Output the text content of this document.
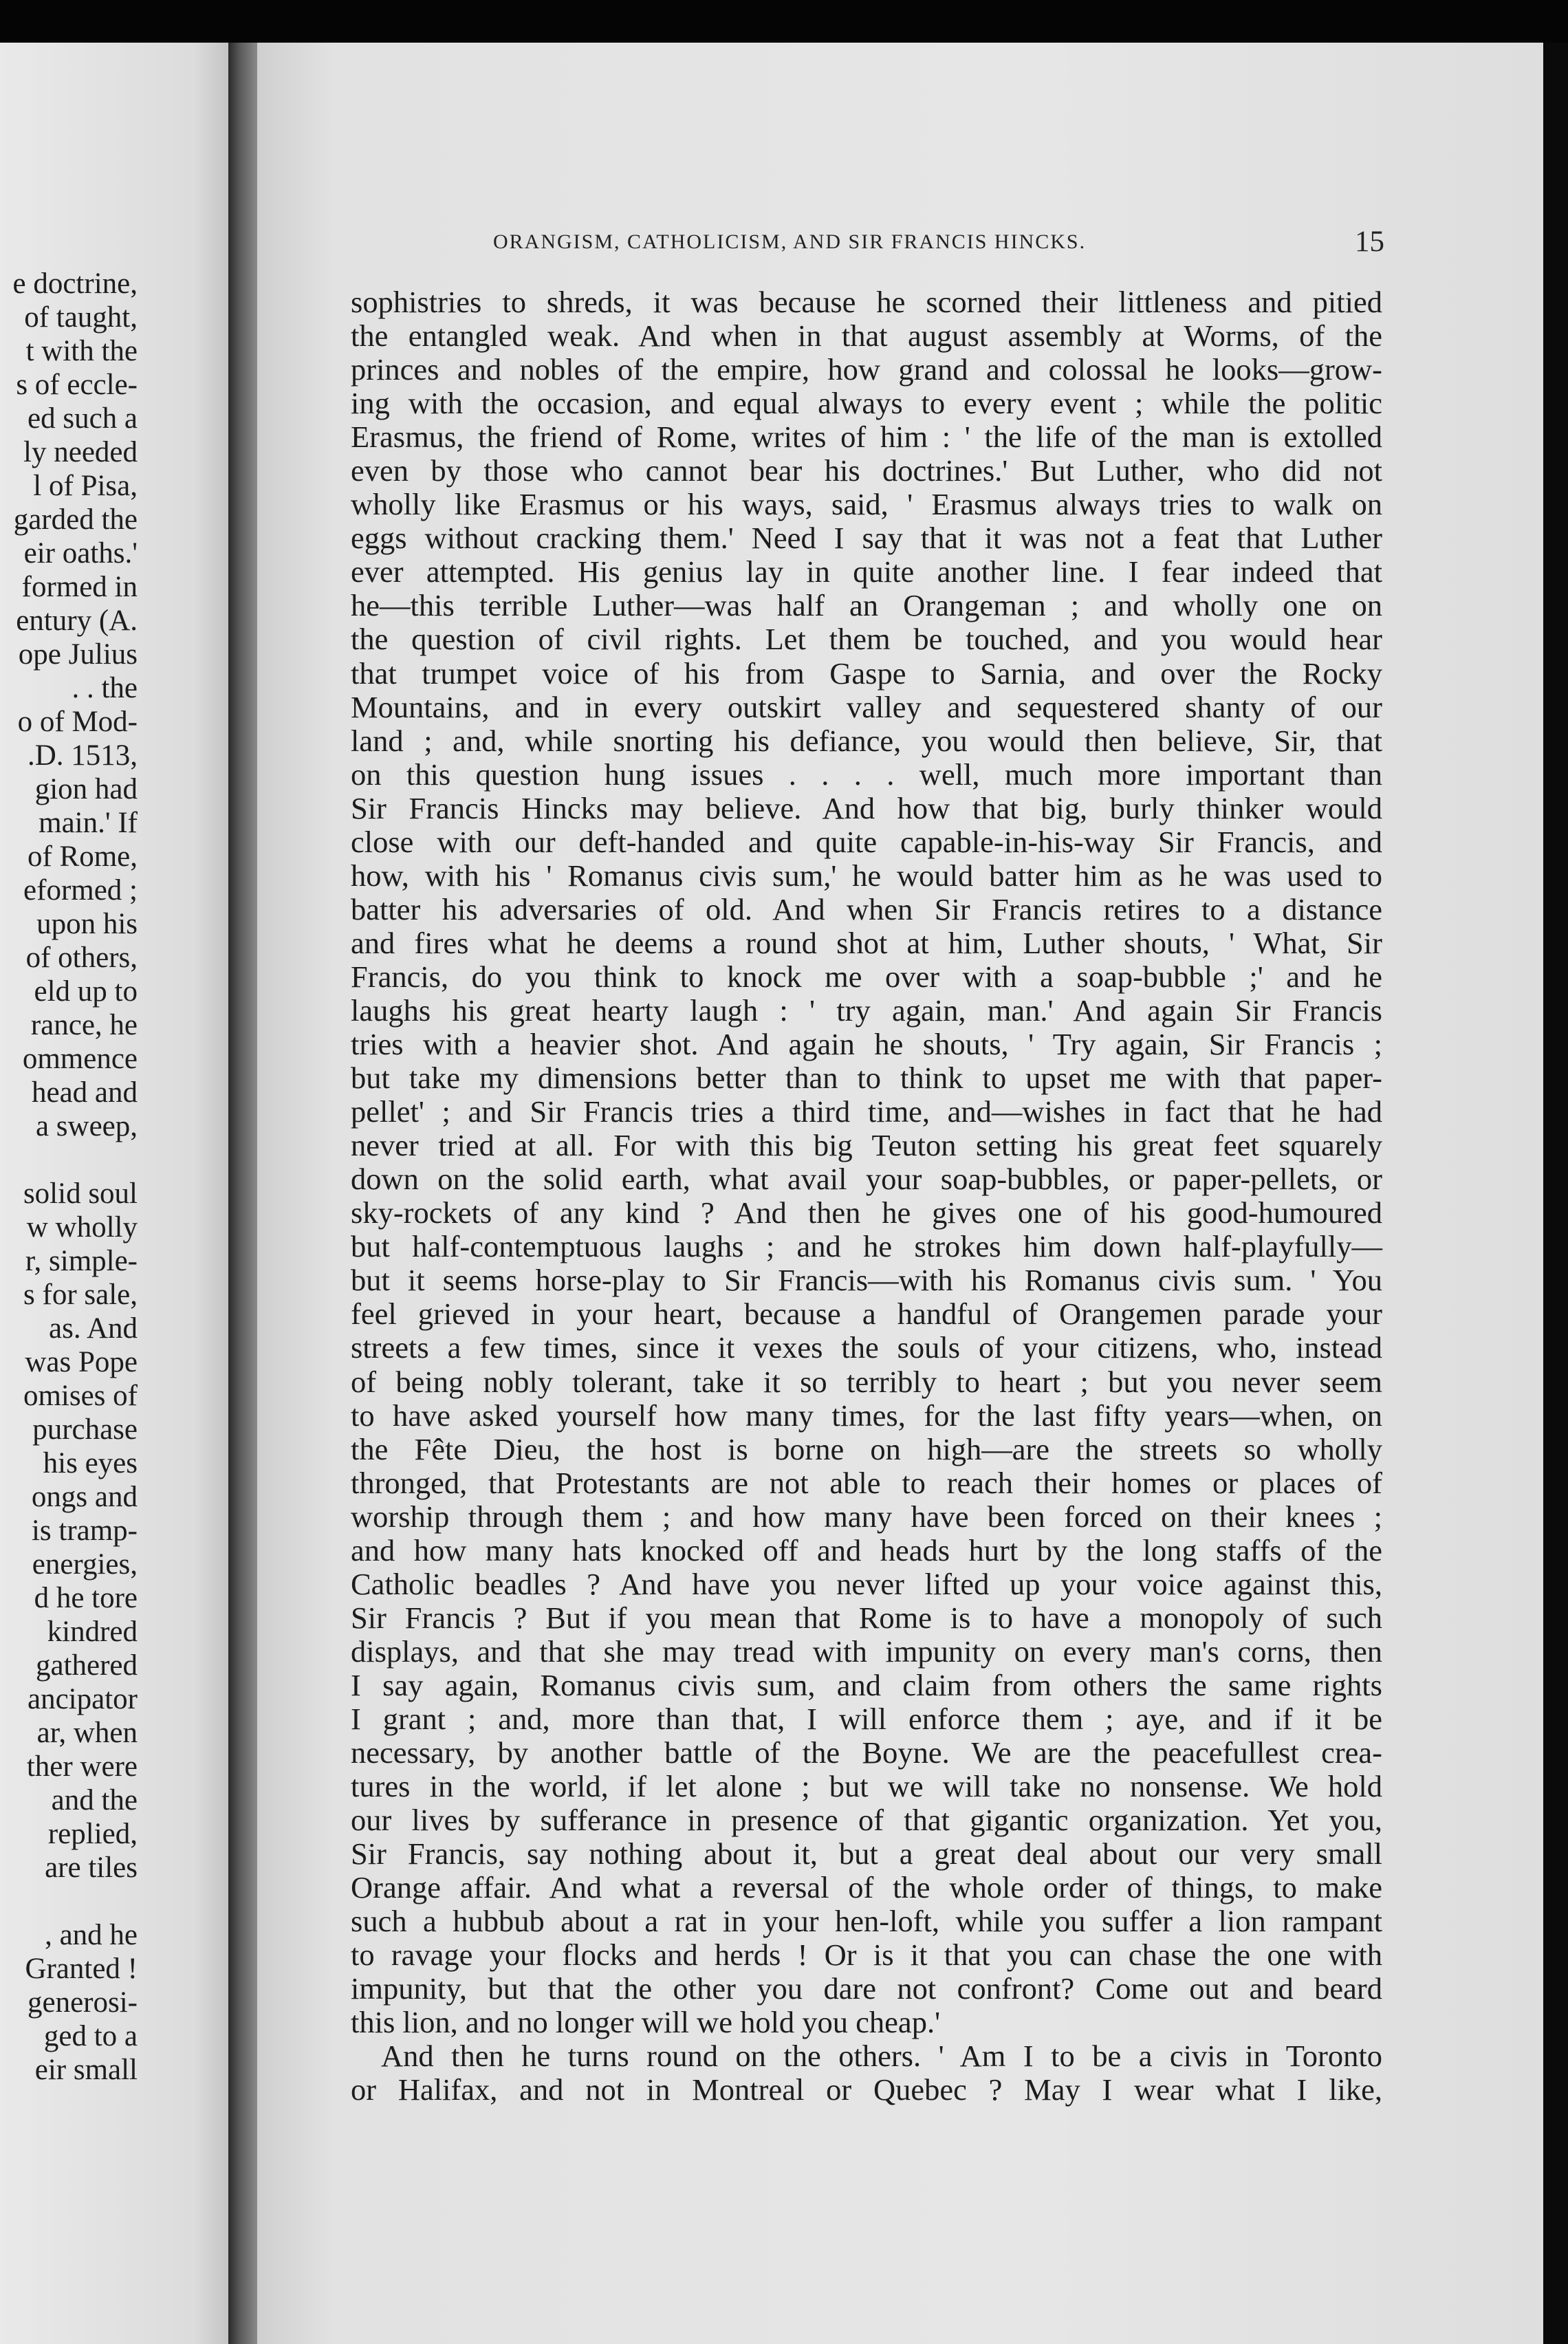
e doctrine,
of taught,
t with the
s of eccle-
ed such a
ly needed
l of Pisa,
garded the
eir oaths.'
formed in
entury (A.
ope Julius
. . the
o of Mod-
.D. 1513,
gion had
main.' If
of Rome,
eformed ;
upon his
of others,
eld up to
rance, he
ommence
head and
a sweep,
solid soul
w wholly
r, simple-
s for sale,
as. And
was Pope
omises of
purchase
his eyes
ongs and
is tramp-
energies,
d he tore
kindred
gathered
ancipator
ar, when
ther were
and the
replied,
are tiles
, and he
Granted !
generosi-
ged to a
eir small
ORANGISM, CATHOLICISM, AND SIR FRANCIS HINCKS.	15
sophistries to shreds, it was because he scorned their littleness and pitied
the entangled weak. And when in that august assembly at Worms, of the
princes and nobles of the empire, how grand and colossal he looks—grow-
ing with the occasion, and equal always to every event ; while the politic
Erasmus, the friend of Rome, writes of him : ' the life of the man is extolled
even by those who cannot bear his doctrines.' But Luther, who did not
wholly like Erasmus or his ways, said, ' Erasmus always tries to walk on
eggs without cracking them.' Need I say that it was not a feat that Luther
ever attempted. His genius lay in quite another line. I fear indeed that
he—this terrible Luther—was half an Orangeman ; and wholly one on
the question of civil rights. Let them be touched, and you would hear
that trumpet voice of his from Gaspe to Sarnia, and over the Rocky
Mountains, and in every outskirt valley and sequestered shanty of our
land ; and, while snorting his defiance, you would then believe, Sir, that
on this question hung issues . . . . well, much more important than
Sir Francis Hincks may believe. And how that big, burly thinker would
close with our deft-handed and quite capable-in-his-way Sir Francis, and
how, with his ' Romanus civis sum,' he would batter him as he was used to
batter his adversaries of old. And when Sir Francis retires to a distance
and fires what he deems a round shot at him, Luther shouts, ' What, Sir
Francis, do you think to knock me over with a soap-bubble ;' and he
laughs his great hearty laugh : ' try again, man.' And again Sir Francis
tries with a heavier shot. And again he shouts, ' Try again, Sir Francis ;
but take my dimensions better than to think to upset me with that paper-
pellet' ; and Sir Francis tries a third time, and—wishes in fact that he had
never tried at all. For with this big Teuton setting his great feet squarely
down on the solid earth, what avail your soap-bubbles, or paper-pellets, or
sky-rockets of any kind ? And then he gives one of his good-humoured
but half-contemptuous laughs ; and he strokes him down half-playfully—
but it seems horse-play to Sir Francis—with his Romanus civis sum. ' You
feel grieved in your heart, because a handful of Orangemen parade your
streets a few times, since it vexes the souls of your citizens, who, instead
of being nobly tolerant, take it so terribly to heart ; but you never seem
to have asked yourself how many times, for the last fifty years—when, on
the Fête Dieu, the host is borne on high—are the streets so wholly
thronged, that Protestants are not able to reach their homes or places of
worship through them ; and how many have been forced on their knees ;
and how many hats knocked off and heads hurt by the long staffs of the
Catholic beadles ? And have you never lifted up your voice against this,
Sir Francis ? But if you mean that Rome is to have a monopoly of such
displays, and that she may tread with impunity on every man's corns, then
I say again, Romanus civis sum, and claim from others the same rights
I grant ; and, more than that, I will enforce them ; aye, and if it be
necessary, by another battle of the Boyne. We are the peacefullest crea-
tures in the world, if let alone ; but we will take no nonsense. We hold
our lives by sufferance in presence of that gigantic organization. Yet you,
Sir Francis, say nothing about it, but a great deal about our very small
Orange affair. And what a reversal of the whole order of things, to make
such a hubbub about a rat in your hen-loft, while you suffer a lion rampant
to ravage your flocks and herds ! Or is it that you can chase the one with
impunity, but that the other you dare not confront? Come out and beard
this lion, and no longer will we hold you cheap.'
And then he turns round on the others. ' Am I to be a civis in Toronto
or Halifax, and not in Montreal or Quebec ? May I wear what I like,
